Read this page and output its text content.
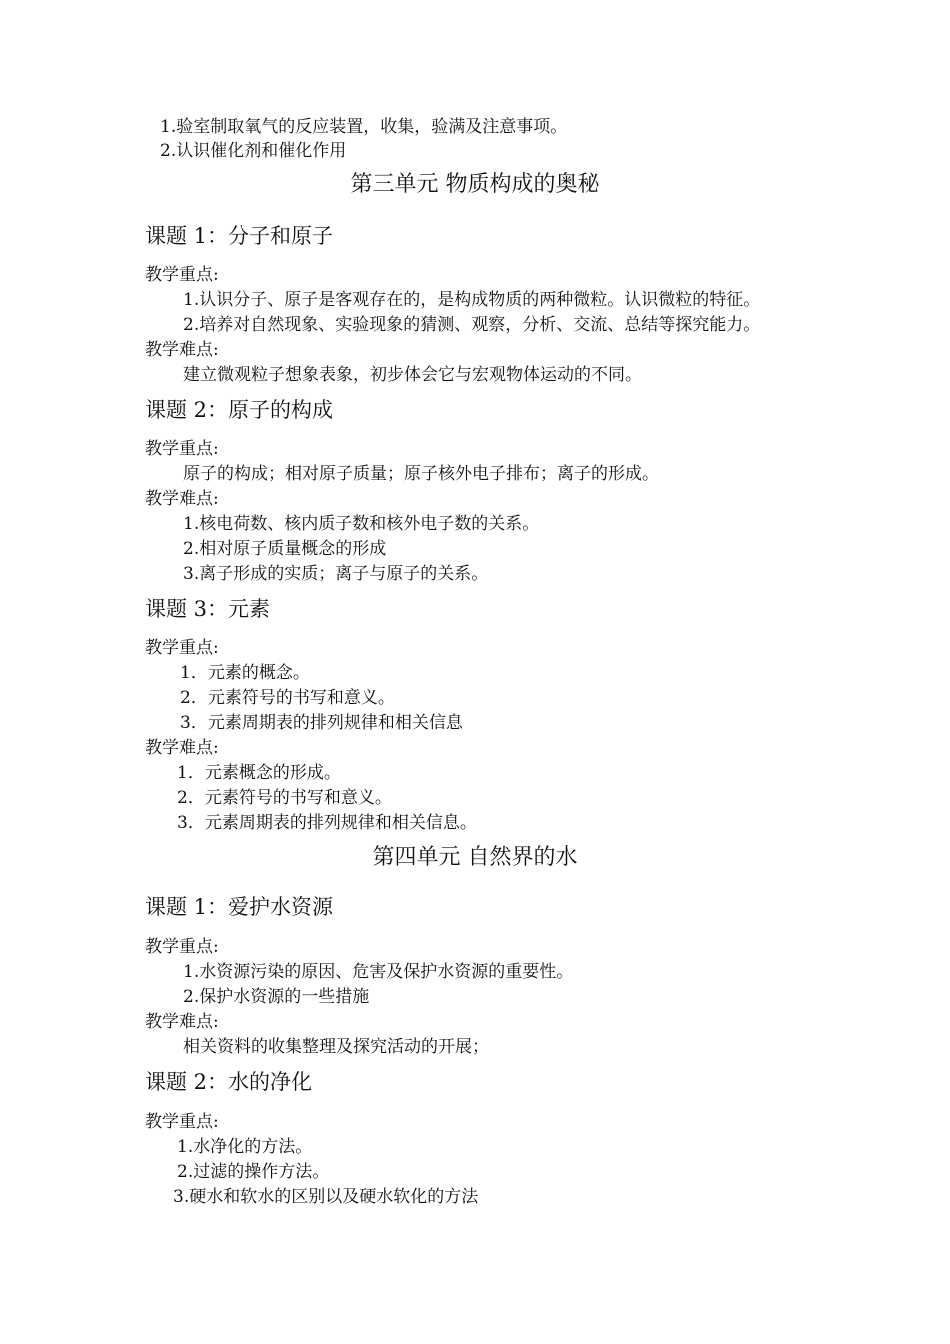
1.验室制取氧气的反应装置，收集，验满及注意事项。
2.认识催化剂和催化作用
第三单元 物质构成的奥秘
课题 1：分子和原子
教学重点:
1.认识分子、原子是客观存在的，是构成物质的两种微粒。认识微粒的特征。
2.培养对自然现象、实验现象的猜测、观察，分析、交流、总结等探究能力。
教学难点:
建立微观粒子想象表象，初步体会它与宏观物体运动的不同。
课题 2：原子的构成
教学重点:
原子的构成；相对原子质量；原子核外电子排布；离子的形成。
教学难点:
1.核电荷数、核内质子数和核外电子数的关系。
2.相对原子质量概念的形成
3.离子形成的实质；离子与原子的关系。
课题 3：元素
教学重点:
1．元素的概念。
2．元素符号的书写和意义。
3．元素周期表的排列规律和相关信息
教学难点:
1．元素概念的形成。
2．元素符号的书写和意义。
3．元素周期表的排列规律和相关信息。
第四单元 自然界的水
课题 1：爱护水资源
教学重点:
1.水资源污染的原因、危害及保护水资源的重要性。
2.保护水资源的一些措施
教学难点:
相关资料的收集整理及探究活动的开展；
课题 2：水的净化
教学重点:
1.水净化的方法。
2.过滤的操作方法。
3.硬水和软水的区别以及硬水软化的方法
